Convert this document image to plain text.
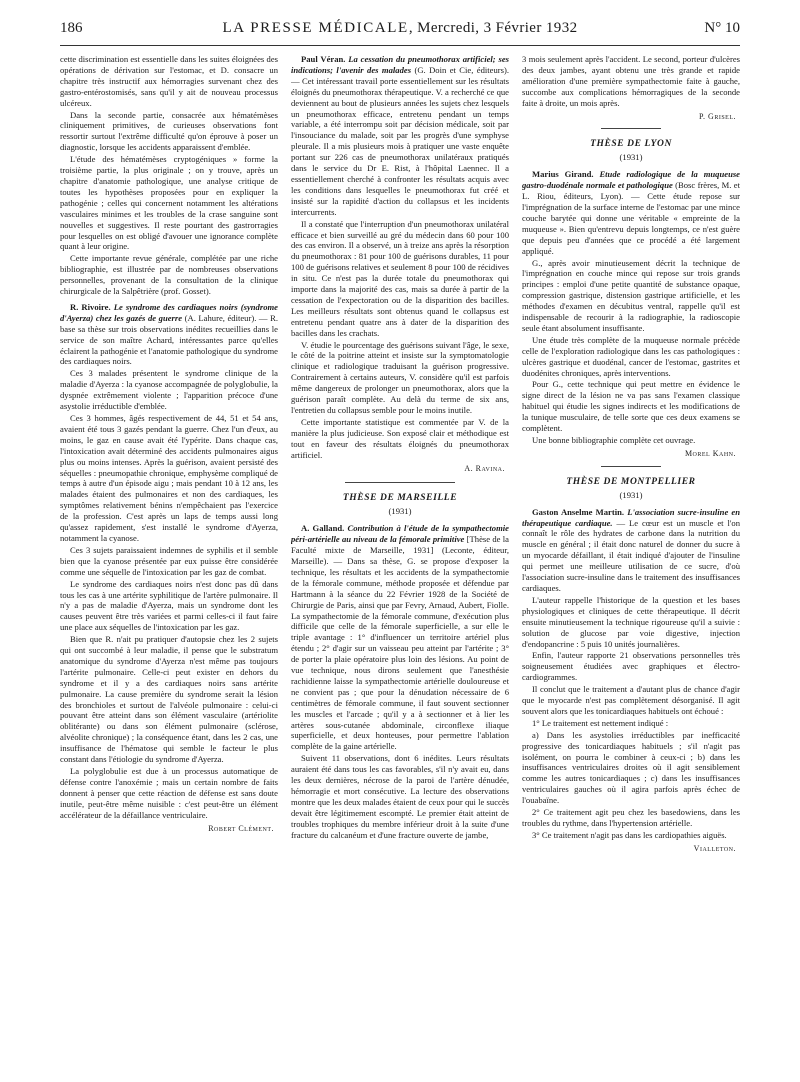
186	LA PRESSE MÉDICALE, Mercredi, 3 Février 1932	N° 10

cette discrimination est essentielle dans les suites éloignées des opérations de dérivation sur l'estomac, et D. consacre un chapitre très instructif aux hémorragies survenant chez des gastro-entérostomisés, sans qu'il y ait de nouveau processus ulcéreux.

Dans la seconde partie, consacrée aux hématémèses cliniquement primitives, de curieuses observations font ressortir surtout l'extrême difficulté qu'on éprouve à poser un diagnostic, lorsque les accidents apparaissent d'emblée.

L'étude des hématémèses cryptogéniques » forme la troisième partie, la plus originale ; on y trouve, après un chapitre d'anatomie pathologique, une analyse critique de toutes les hypothèses proposées pour en expliquer la pathogénie ; celles qui concernent notamment les altérations vasculaires minimes et les troubles de la crase sanguine sont nouvelles et suggestives. Il reste pourtant des gastrorragies pour lesquelles on est obligé d'avouer une ignorance complète quant à leur origine.

Cette importante revue générale, complétée par une riche bibliographie, est illustrée par de nombreuses observations personnelles, provenant de la consultation de la clinique chirurgicale de la Salpêtrière (prof. Gosset).

R. Rivoire. Le syndrome des cardiaques noirs (syndrome d'Ayerza) chez les gazés de guerre (A. Lahure, éditeur). — R. base sa thèse sur trois observations inédites recueillies dans le service de son maître Achard, intéressantes parce qu'elles éclairent la pathogénie et l'anatomie pathologique du syndrome des cardiaques noirs.

Ces 3 malades présentent le syndrome clinique de la maladie d'Ayerza : la cyanose accompagnée de polyglobulie, la dyspnée extrêmement violente ; l'apparition précoce d'une asystolie irréductible d'emblée.

Ces 3 hommes, âgés respectivement de 44, 51 et 54 ans, avaient été tous 3 gazés pendant la guerre. Chez l'un d'eux, au moins, le gaz en cause avait été l'ypérite. Dans chaque cas, l'intoxication avait déterminé des accidents pulmonaires aigus plus ou moins intenses. Après la guérison, avaient persisté des séquelles : pneumopathie chronique, emphysème compliqué de temps à autre d'un épisode aigu ; mais pendant 10 à 12 ans, les malades étaient des pulmonaires et non des cardiaques, les symptômes relativement bénins n'empêchaient pas l'exercice de la profession. C'est après un laps de temps aussi long qu'assez rapidement, s'est installé le syndrome d'Ayerza, notamment la cyanose.

Ces 3 sujets paraissaient indemnes de syphilis et il semble bien que la cyanose présentée par eux puisse être considérée comme une séquelle de l'intoxication par les gaz de combat.

Le syndrome des cardiaques noirs n'est donc pas dû dans tous les cas à une artérite syphilitique de l'artère pulmonaire. Il n'y a pas de maladie d'Ayerza, mais un syndrome dont les causes peuvent être très variées et parmi celles-ci il faut faire une place aux séquelles de l'intoxication par les gaz.

Bien que R. n'ait pu pratiquer d'autopsie chez les 2 sujets qui ont succombé à leur maladie, il pense que le substratum anatomique du syndrome d'Ayerza n'est même pas toujours l'artérite pulmonaire. Celle-ci peut exister en dehors du syndrome et il y a des cardiaques noirs sans artérite pulmonaire. La cause première du syndrome serait la lésion des bronchioles et surtout de l'alvéole pulmonaire : celui-ci pouvant être atteint dans son élément vasculaire (artériolite oblitérante) ou dans son élément pulmonaire (sclérose, alvéolite chronique) ; la conséquence étant, dans les 2 cas, une insuffisance de l'hématose qui semble le facteur le plus constant dans l'étiologie du syndrome d'Ayerza.

La polyglobulie est due à un processus automatique de défense contre l'anoxémie ; mais un certain nombre de faits donnent à penser que cette réaction de défense est sans doute inutile, peut-être même nuisible : c'est peut-être un élément accélérateur de la défaillance ventriculaire.

Robert Clément.

Paul Véran. La cessation du pneumothorax artificiel; ses indications; l'avenir des malades (G. Doin et Cie, éditeurs). — Cet intéressant travail porte essentiellement sur les résultats éloignés du pneumothorax thérapeutique. V. a recherché ce que deviennent au bout de plusieurs années les sujets chez lesquels un pneumothorax efficace, entretenu pendant un temps variable, a été interrompu soit par décision médicale, soit par l'insouciance du malade, soit par les progrès d'une symphyse pleurale. Il a mis plusieurs mois à pratiquer une vaste enquête portant sur 226 cas de pneumothorax unilatéraux pratiqués dans le service du Dr E. Rist, à l'hôpital Laennec. Il a essentiellement cherché à confronter les résultats acquis avec les conditions dans lesquelles le pneumothorax fut créé et insisté sur la rapidité d'action du collapsus et les incidents intercurrents.

Il a constaté que l'interruption d'un pneumothorax unilatéral efficace et bien surveillé au gré du médecin dans 60 pour 100 des cas environ. Il a observé, un à treize ans après la résorption du pneumothorax : 81 pour 100 de guérisons durables, 11 pour 100 de guérisons relatives et seulement 8 pour 100 de récidives in situ. Ce n'est pas la durée totale du pneumothorax qui importe dans la majorité des cas, mais sa durée à partir de la cessation de l'expectoration ou de la disparition des bacilles. Les meilleurs résultats sont obtenus quand le collapsus est entretenu pendant quatre ans à dater de la disparition des bacilles dans les crachats.

V. étudie le pourcentage des guérisons suivant l'âge, le sexe, le côté de la poitrine atteint et insiste sur la symptomatologie clinique et radiologique traduisant la guérison progressive. Contrairement à certains auteurs, V. considère qu'il est parfois même dangereux de prolonger un pneumothorax, alors que la guérison paraît complète. Au delà du terme de six ans, l'entretien du collapsus semble pour le moins inutile.

Cette importante statistique est commentée par V. de la manière la plus judicieuse. Son exposé clair et méthodique est tout en faveur des résultats éloignés du pneumothorax artificiel.

A. Ravina.
THÈSE DE MARSEILLE
(1931)

A. Galland. Contribution à l'étude de la sympathectomie péri-artérielle au niveau de la fémorale primitive [Thèse de la Faculté mixte de Marseille, 1931] (Leconte, éditeur, Marseille). — Dans sa thèse, G. se propose d'exposer la technique, les résultats et les accidents de la sympathectomie de la fémorale commune, méthode proposée et défendue par Hartmann à la séance du 22 Février 1928 de la Société de Chirurgie de Paris, ainsi que par Fevry, Arnaud, Aubert, Fiolle. La sympathectomie de la fémorale commune, d'exécution plus difficile que celle de la fémorale superficielle, a sur elle le triple avantage : 1° d'influencer un territoire artériel plus étendu ; 2° d'agir sur un vaisseau peu atteint par l'artérite ; 3° de porter la plaie opératoire plus loin des lésions. Au point de vue technique, nous dirons seulement que l'anesthésie rachidienne laisse la sympathectomie artérielle douloureuse et ne convient pas ; que pour la dénudation nécessaire de 6 centimètres de fémorale commune, il faut souvent sectionner les muscles et l'arcade ; qu'il y a à sectionner et à lier les artères sous-cutanée abdominale, circonflexe iliaque superficielle, et deux honteuses, pour permettre l'ablation complète de la gaine artérielle.

Suivent 11 observations, dont 6 inédites. Leurs résultats auraient été dans tous les cas favorables, s'il n'y avait eu, dans les deux dernières, nécrose de la paroi de l'artère dénudée, hémorragie et mort consécutive. La lecture des observations montre que les deux malades étaient de ceux pour qui le succès devait être légitimement escompté. Le premier était atteint de troubles trophiques du membre inférieur droit à la suite d'une fracture du calcanéum et d'une fracture ouverte de jambe,

3 mois seulement après l'accident. Le second, porteur d'ulcères des deux jambes, ayant obtenu une très grande et rapide amélioration d'une première sympathectomie faite à gauche, succombe aux complications hémorragiques de la seconde faite à droite, un mois après.

P. Grisel.
THÈSE DE LYON
(1931)

Marius Girand. Etude radiologique de la muqueuse gastro-duodénale normale et pathologique (Bosc frères, M. et L. Riou, éditeurs, Lyon). — Cette étude repose sur l'imprégnation de la surface interne de l'estomac par une mince couche barytée qui donne une véritable « empreinte de la muqueuse ». Bien qu'entrevu depuis longtemps, ce n'est guère que depuis peu d'années que ce procédé a été largement appliqué.

G., après avoir minutieusement décrit la technique de l'imprégnation en couche mince qui repose sur trois grands principes : emploi d'une petite quantité de substance opaque, compression gastrique, distension gastrique artificielle, et les méthodes d'examen en décubitus ventral, rappelle qu'il est indispensable de recourir à la radiographie, la radioscopie seule étant absolument insuffisante.

Une étude très complète de la muqueuse normale précède celle de l'exploration radiologique dans les cas pathologiques : ulcères gastrique et duodénal, cancer de l'estomac, gastrites et duodénites chroniques, après interventions.

Pour G., cette technique qui peut mettre en évidence le signe direct de la lésion ne va pas sans l'examen classique habituel qui étudie les signes indirects et les modifications de la tunique musculaire, de telle sorte que ces deux examens se complètent.

Une bonne bibliographie complète cet ouvrage.

Morel Kahn.
THÈSE DE MONTPELLIER
(1931)

Gaston Anselme Martin. L'association sucre-insuline en thérapeutique cardiaque. — Le cœur est un muscle et l'on connaît le rôle des hydrates de carbone dans la nutrition du muscle en général ; il était donc naturel de donner du sucre à un myocarde défaillant, il était indiqué d'ajouter de l'insuline qui permet une meilleure utilisation de ce sucre, d'où l'association sucre-insuline dans le traitement des insuffisances cardiaques.

L'auteur rappelle l'historique de la question et les bases physiologiques et cliniques de cette thérapeutique. Il décrit ensuite minutieusement la technique rigoureuse qu'il a suivie : solution de glucose par voie digestive, injection d'endopancrine : 5 puis 10 unités journalières.

Enfin, l'auteur rapporte 21 observations personnelles très soigneusement étudiées avec graphiques et électro-cardiogrammes.

Il conclut que le traitement a d'autant plus de chance d'agir que le myocarde n'est pas complètement désorganisé. Il agit souvent alors que les tonicardiaques habituels ont échoué :

1° Le traitement est nettement indiqué :

a) Dans les asystolies irréductibles par inefficacité progressive des tonicardiaques habituels ; s'il n'agit pas isolément, on pourra le combiner à ceux-ci ; b) dans les insuffisances ventriculaires droites où il agit sensiblement comme les autres tonicardiaques ; c) dans les insuffisances ventriculaires gauches où il agira parfois après échec de l'ouabaïne.

2° Ce traitement agit peu chez les basedowiens, dans les troubles du rythme, dans l'hypertension artérielle.

3° Ce traitement n'agit pas dans les cardiopathies aiguës.

Vialleton.
